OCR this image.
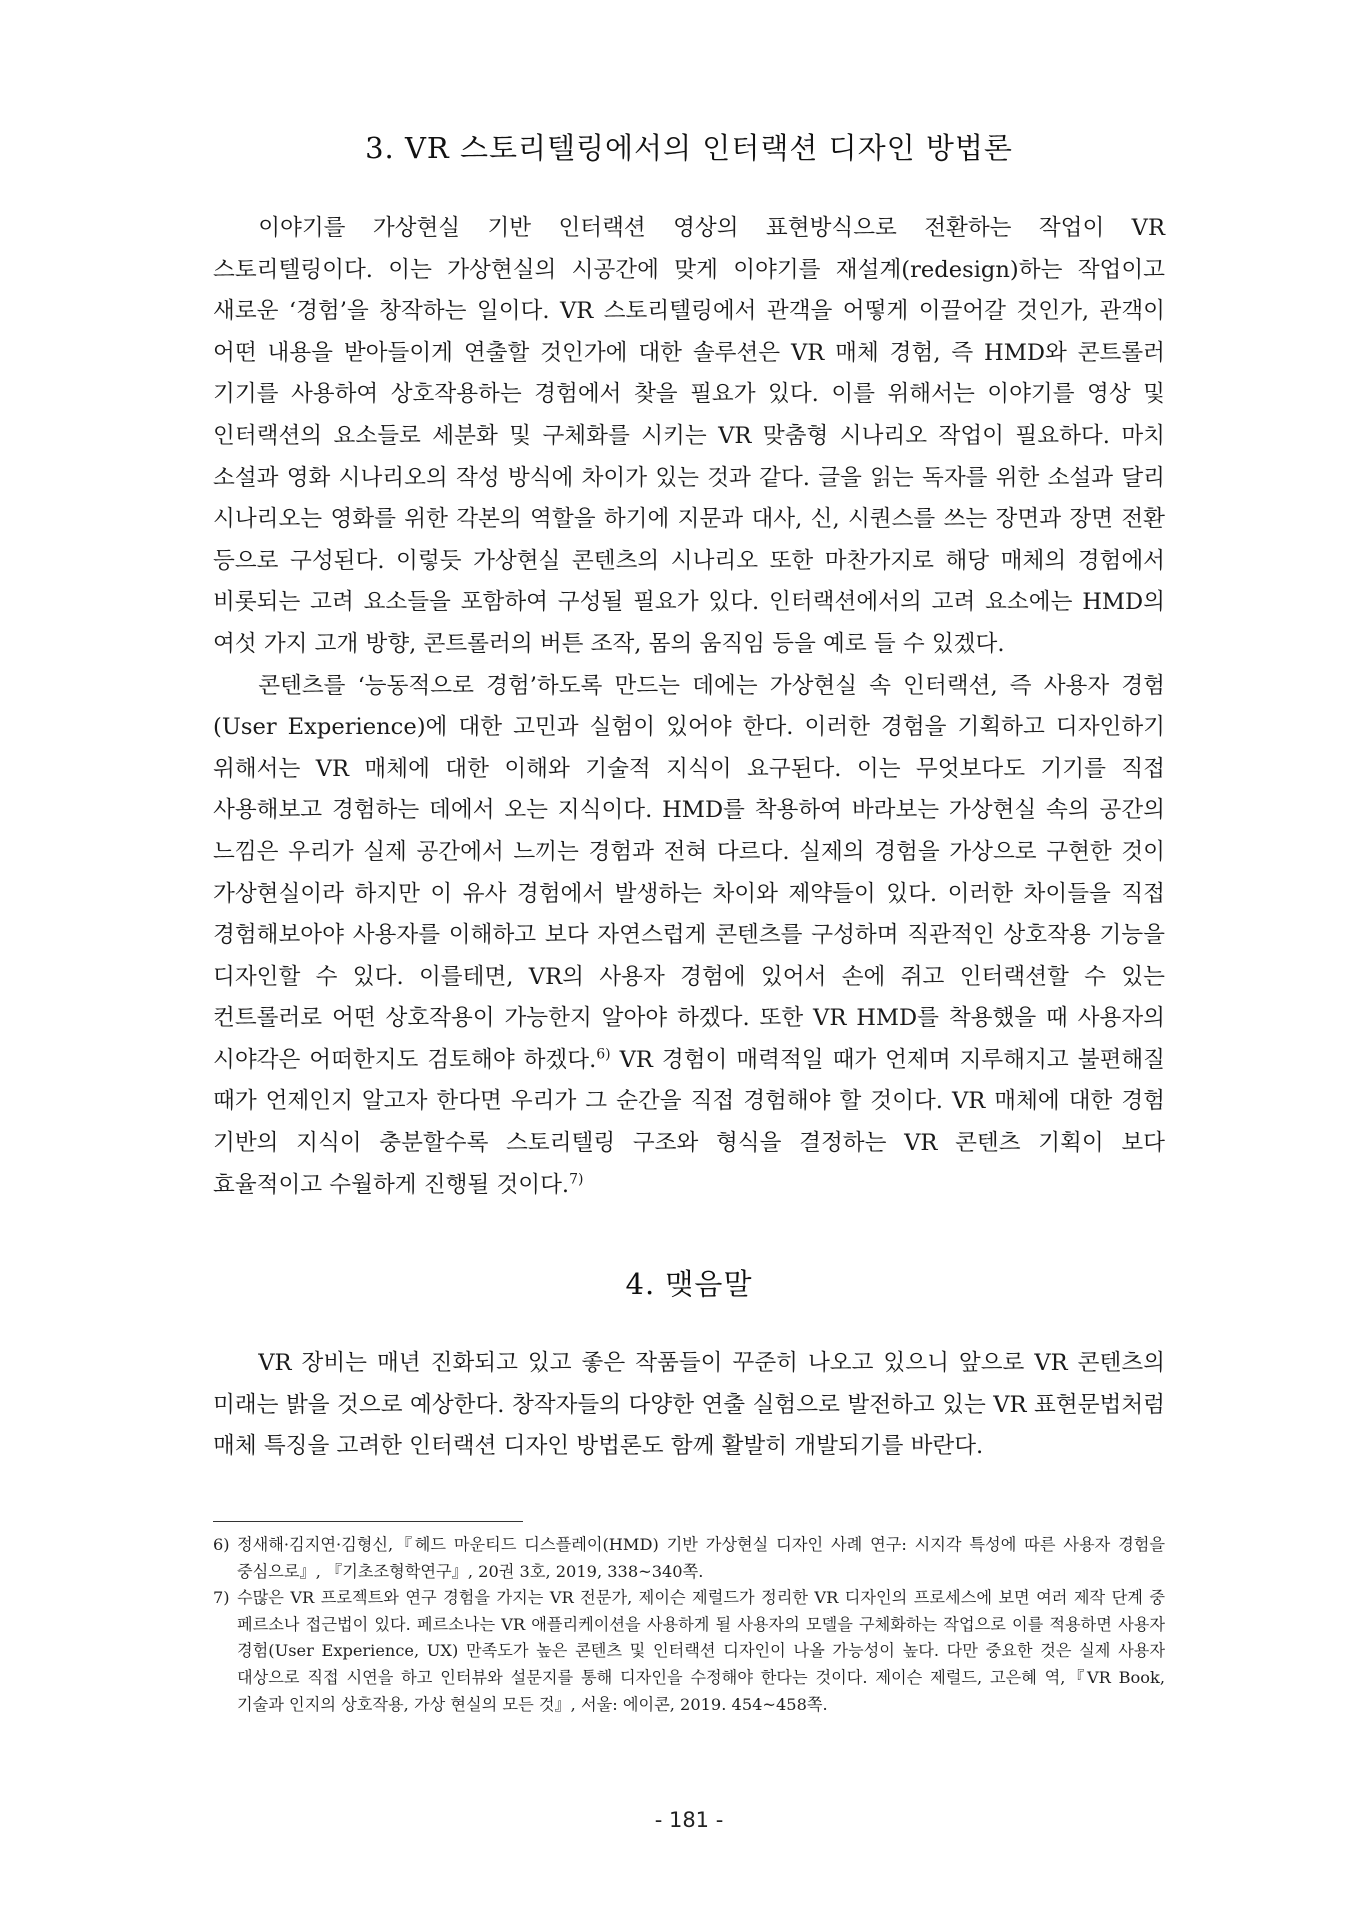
3. VR 스토리텔링에서의 인터랙션 디자인 방법론

이야기를 가상현실 기반 인터랙션 영상의 표현방식으로 전환하는 작업이 VR 스토리텔링이다. 이는 가상현실의 시공간에 맞게 이야기를 재설계(redesign)하는 작업이고 새로운 ‘경험’을 창작하는 일이다. VR 스토리텔링에서 관객을 어떻게 이끌어갈 것인가, 관객이 어떤 내용을 받아들이게 연출할 것인가에 대한 솔루션은 VR 매체 경험, 즉 HMD와 콘트롤러 기기를 사용하여 상호작용하는 경험에서 찾을 필요가 있다. 이를 위해서는 이야기를 영상 및 인터랙션의 요소들로 세분화 및 구체화를 시키는 VR 맞춤형 시나리오 작업이 필요하다. 마치 소설과 영화 시나리오의 작성 방식에 차이가 있는 것과 같다. 글을 읽는 독자를 위한 소설과 달리 시나리오는 영화를 위한 각본의 역할을 하기에 지문과 대사, 신, 시퀀스를 쓰는 장면과 장면 전환 등으로 구성된다. 이렇듯 가상현실 콘텐츠의 시나리오 또한 마찬가지로 해당 매체의 경험에서 비롯되는 고려 요소들을 포함하여 구성될 필요가 있다. 인터랙션에서의 고려 요소에는 HMD의 여섯 가지 고개 방향, 콘트롤러의 버튼 조작, 몸의 움직임 등을 예로 들 수 있겠다.

콘텐츠를 ‘능동적으로 경험’하도록 만드는 데에는 가상현실 속 인터랙션, 즉 사용자 경험(User Experience)에 대한 고민과 실험이 있어야 한다. 이러한 경험을 기획하고 디자인하기 위해서는 VR 매체에 대한 이해와 기술적 지식이 요구된다. 이는 무엇보다도 기기를 직접 사용해보고 경험하는 데에서 오는 지식이다. HMD를 착용하여 바라보는 가상현실 속의 공간의 느낌은 우리가 실제 공간에서 느끼는 경험과 전혀 다르다. 실제의 경험을 가상으로 구현한 것이 가상현실이라 하지만 이 유사 경험에서 발생하는 차이와 제약들이 있다. 이러한 차이들을 직접 경험해보아야 사용자를 이해하고 보다 자연스럽게 콘텐츠를 구성하며 직관적인 상호작용 기능을 디자인할 수 있다. 이를테면, VR의 사용자 경험에 있어서 손에 쥐고 인터랙션할 수 있는 컨트롤러로 어떤 상호작용이 가능한지 알아야 하겠다. 또한 VR HMD를 착용했을 때 사용자의 시야각은 어떠한지도 검토해야 하겠다.$^{6)}$ VR 경험이 매력적일 때가 언제며 지루해지고 불편해질 때가 언제인지 알고자 한다면 우리가 그 순간을 직접 경험해야 할 것이다. VR 매체에 대한 경험 기반의 지식이 충분할수록 스토리텔링 구조와 형식을 결정하는 VR 콘텐츠 기획이 보다 효율적이고 수월하게 진행될 것이다.$^{7)}$

4. 맺음말

VR 장비는 매년 진화되고 있고 좋은 작품들이 꾸준히 나오고 있으니 앞으로 VR 콘텐츠의 미래는 밝을 것으로 예상한다. 창작자들의 다양한 연출 실험으로 발전하고 있는 VR 표현문법처럼 매체 특징을 고려한 인터랙션 디자인 방법론도 함께 활발히 개발되기를 바란다.

6) 정새해·김지연·김형신,『헤드 마운티드 디스플레이(HMD) 기반 가상현실 디자인 사례 연구: 시지각 특성에 따른 사용자 경험을 중심으로』, 『기초조형학연구』, 20권 3호, 2019, 338~340쪽.

7) 수많은 VR 프로젝트와 연구 경험을 가지는 VR 전문가, 제이슨 제럴드가 정리한 VR 디자인의 프로세스에 보면 여러 제작 단계 중 페르소나 접근법이 있다. 페르소나는 VR 애플리케이션을 사용하게 될 사용자의 모델을 구체화하는 작업으로 이를 적용하면 사용자 경험(User Experience, UX) 만족도가 높은 콘텐츠 및 인터랙션 디자인이 나올 가능성이 높다. 다만 중요한 것은 실제 사용자 대상으로 직접 시연을 하고 인터뷰와 설문지를 통해 디자인을 수정해야 한다는 것이다. 제이슨 제럴드, 고은혜 역,『VR Book, 기술과 인지의 상호작용, 가상 현실의 모든 것』, 서울: 에이콘, 2019. 454~458쪽.

- 181 -
